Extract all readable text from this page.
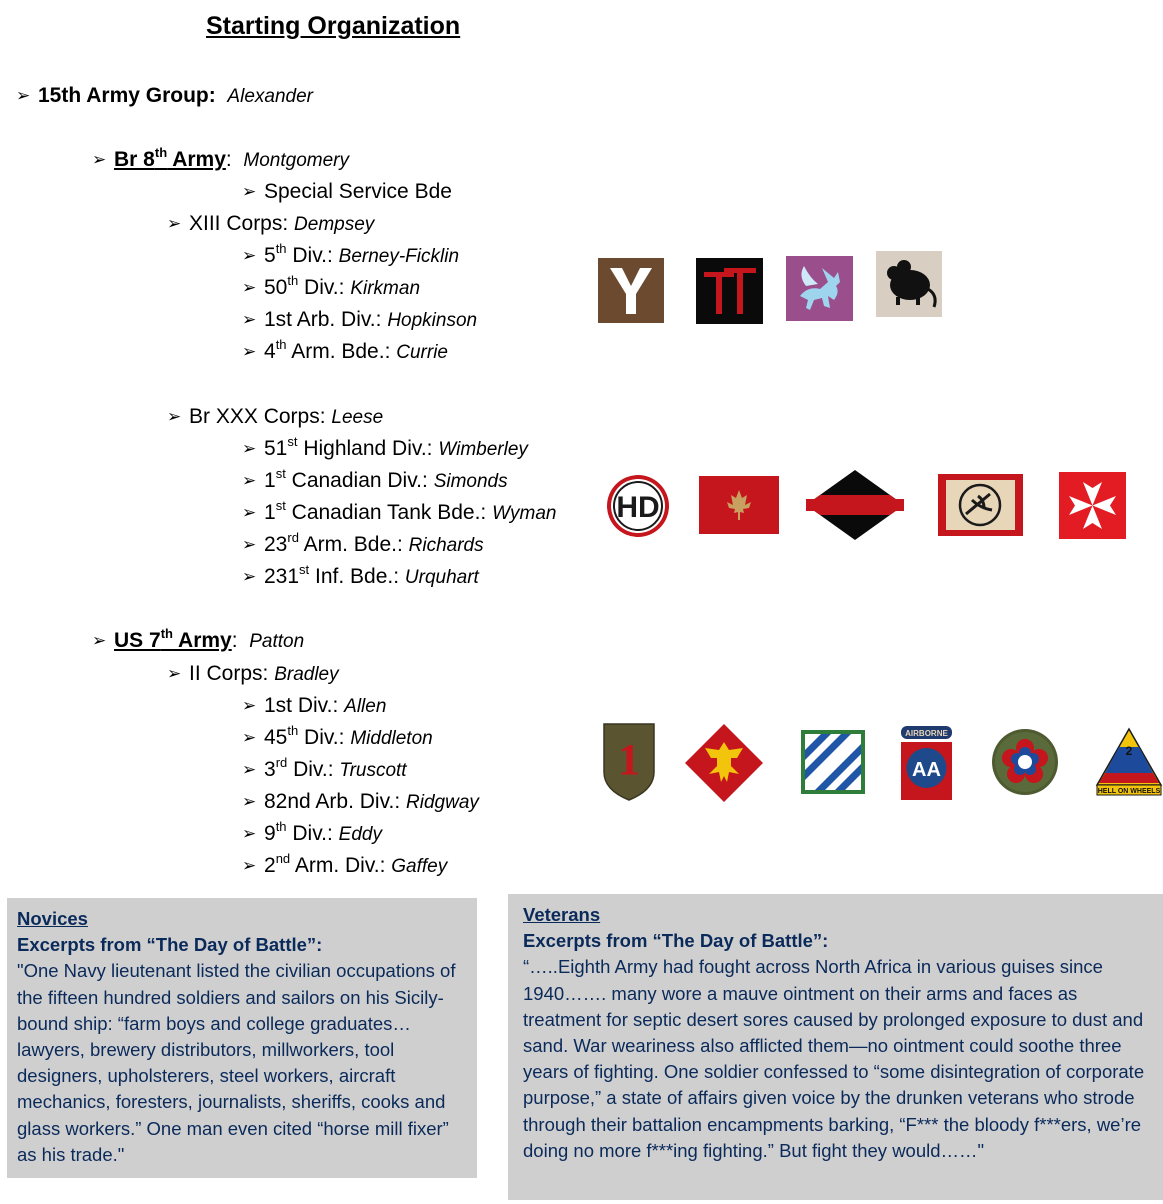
Starting Organization
➢ 15th Army Group: Alexander
➢ Br 8th Army: Montgomery
➢ Special Service Bde
➢ XIII Corps: Dempsey
➢ 5th Div.: Berney-Ficklin
➢ 50th Div.: Kirkman
➢ 1st Arb. Div.: Hopkinson
➢ 4th Arm. Bde.: Currie
➢ Br XXX Corps: Leese
➢ 51st Highland Div.: Wimberley
➢ 1st Canadian Div.: Simonds
➢ 1st Canadian Tank Bde.: Wyman
➢ 23rd Arm. Bde.: Richards
➢ 231st Inf. Bde.: Urquhart
➢ US 7th Army: Patton
➢ II Corps: Bradley
➢ 1st Div.: Allen
➢ 45th Div.: Middleton
➢ 3rd Div.: Truscott
➢ 82nd Arb. Div.: Ridgway
➢ 9th Div.: Eddy
➢ 2nd Arm. Div.: Gaffey
HD
1
AIRBORNE
AA
2
HELL ON WHEELS
Novices
Excerpts from “The Day of Battle”:
"One Navy lieutenant listed the civilian occupations of the fifteen hundred soldiers and sailors on his Sicily-bound ship: “farm boys and college graduates… lawyers, brewery distributors, millworkers, tool designers, upholsterers, steel workers, aircraft mechanics, foresters, journalists, sheriffs, cooks and glass workers.” One man even cited “horse mill fixer” as his trade."
Veterans
Excerpts from “The Day of Battle”:
“…..Eighth Army had fought across North Africa in various guises since 1940……. many wore a mauve ointment on their arms and faces as treatment for septic desert sores caused by prolonged exposure to dust and sand. War weariness also afflicted them—no ointment could soothe three years of fighting. One soldier confessed to “some disintegration of corporate purpose,” a state of affairs given voice by the drunken veterans who strode through their battalion encampments barking, “F*** the bloody f***ers, we’re doing no more f***ing fighting.” But fight they would……"
